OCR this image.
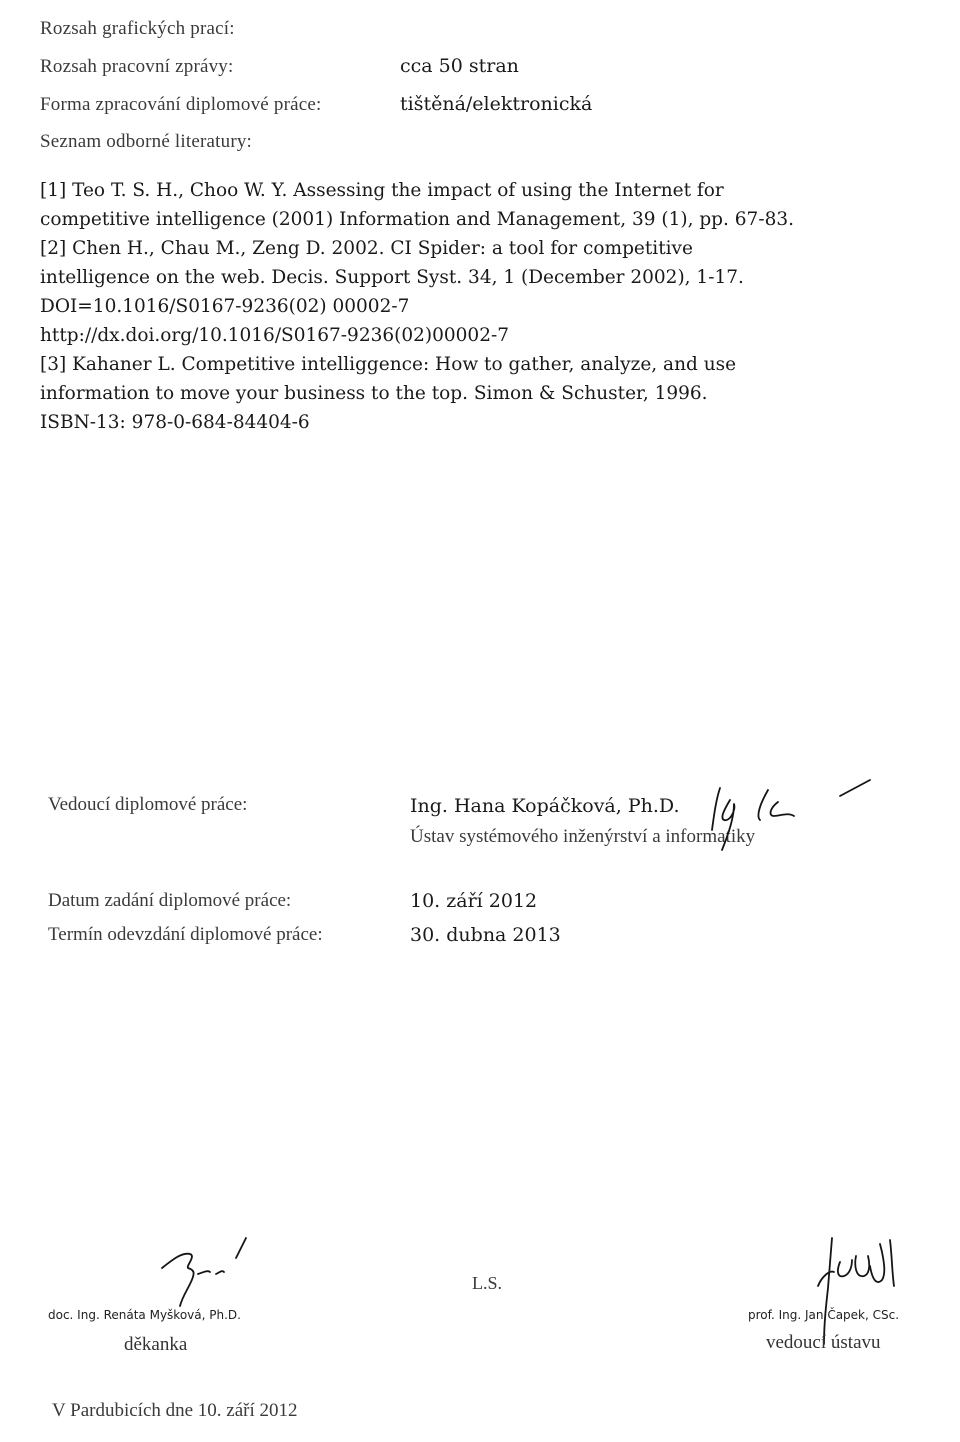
Rozsah grafických prací:
Rozsah pracovní zprávy:	cca 50 stran
Forma zpracování diplomové práce:	tištěná/elektronická
Seznam odborné literatury:
[1] Teo T. S. H., Choo W. Y. Assessing the impact of using the Internet for
competitive intelligence (2001) Information and Management, 39 (1), pp. 67-83.
[2] Chen H., Chau M., Zeng D. 2002. CI Spider: a tool for competitive
intelligence on the web. Decis. Support Syst. 34, 1 (December 2002), 1-17.
DOI=10.1016/S0167-9236(02) 00002-7
http://dx.doi.org/10.1016/S0167-9236(02)00002-7
[3] Kahaner L. Competitive intelliggence: How to gather, analyze, and use
information to move your business to the top. Simon & Schuster, 1996.
ISBN-13: 978-0-684-84404-6
Vedoucí diplomové práce:	Ing. Hana Kopáčková, Ph.D.
Ústav systémového inženýrství a informatiky
Datum zadání diplomové práce:	10. září 2012
Termín odevzdání diplomové práce:	30. dubna 2013
doc. Ing. Renáta Myšková, Ph.D.
děkanka
L.S.
prof. Ing. Jan Čapek, CSc.
vedoucí ústavu
V Pardubicích dne 10. září 2012
